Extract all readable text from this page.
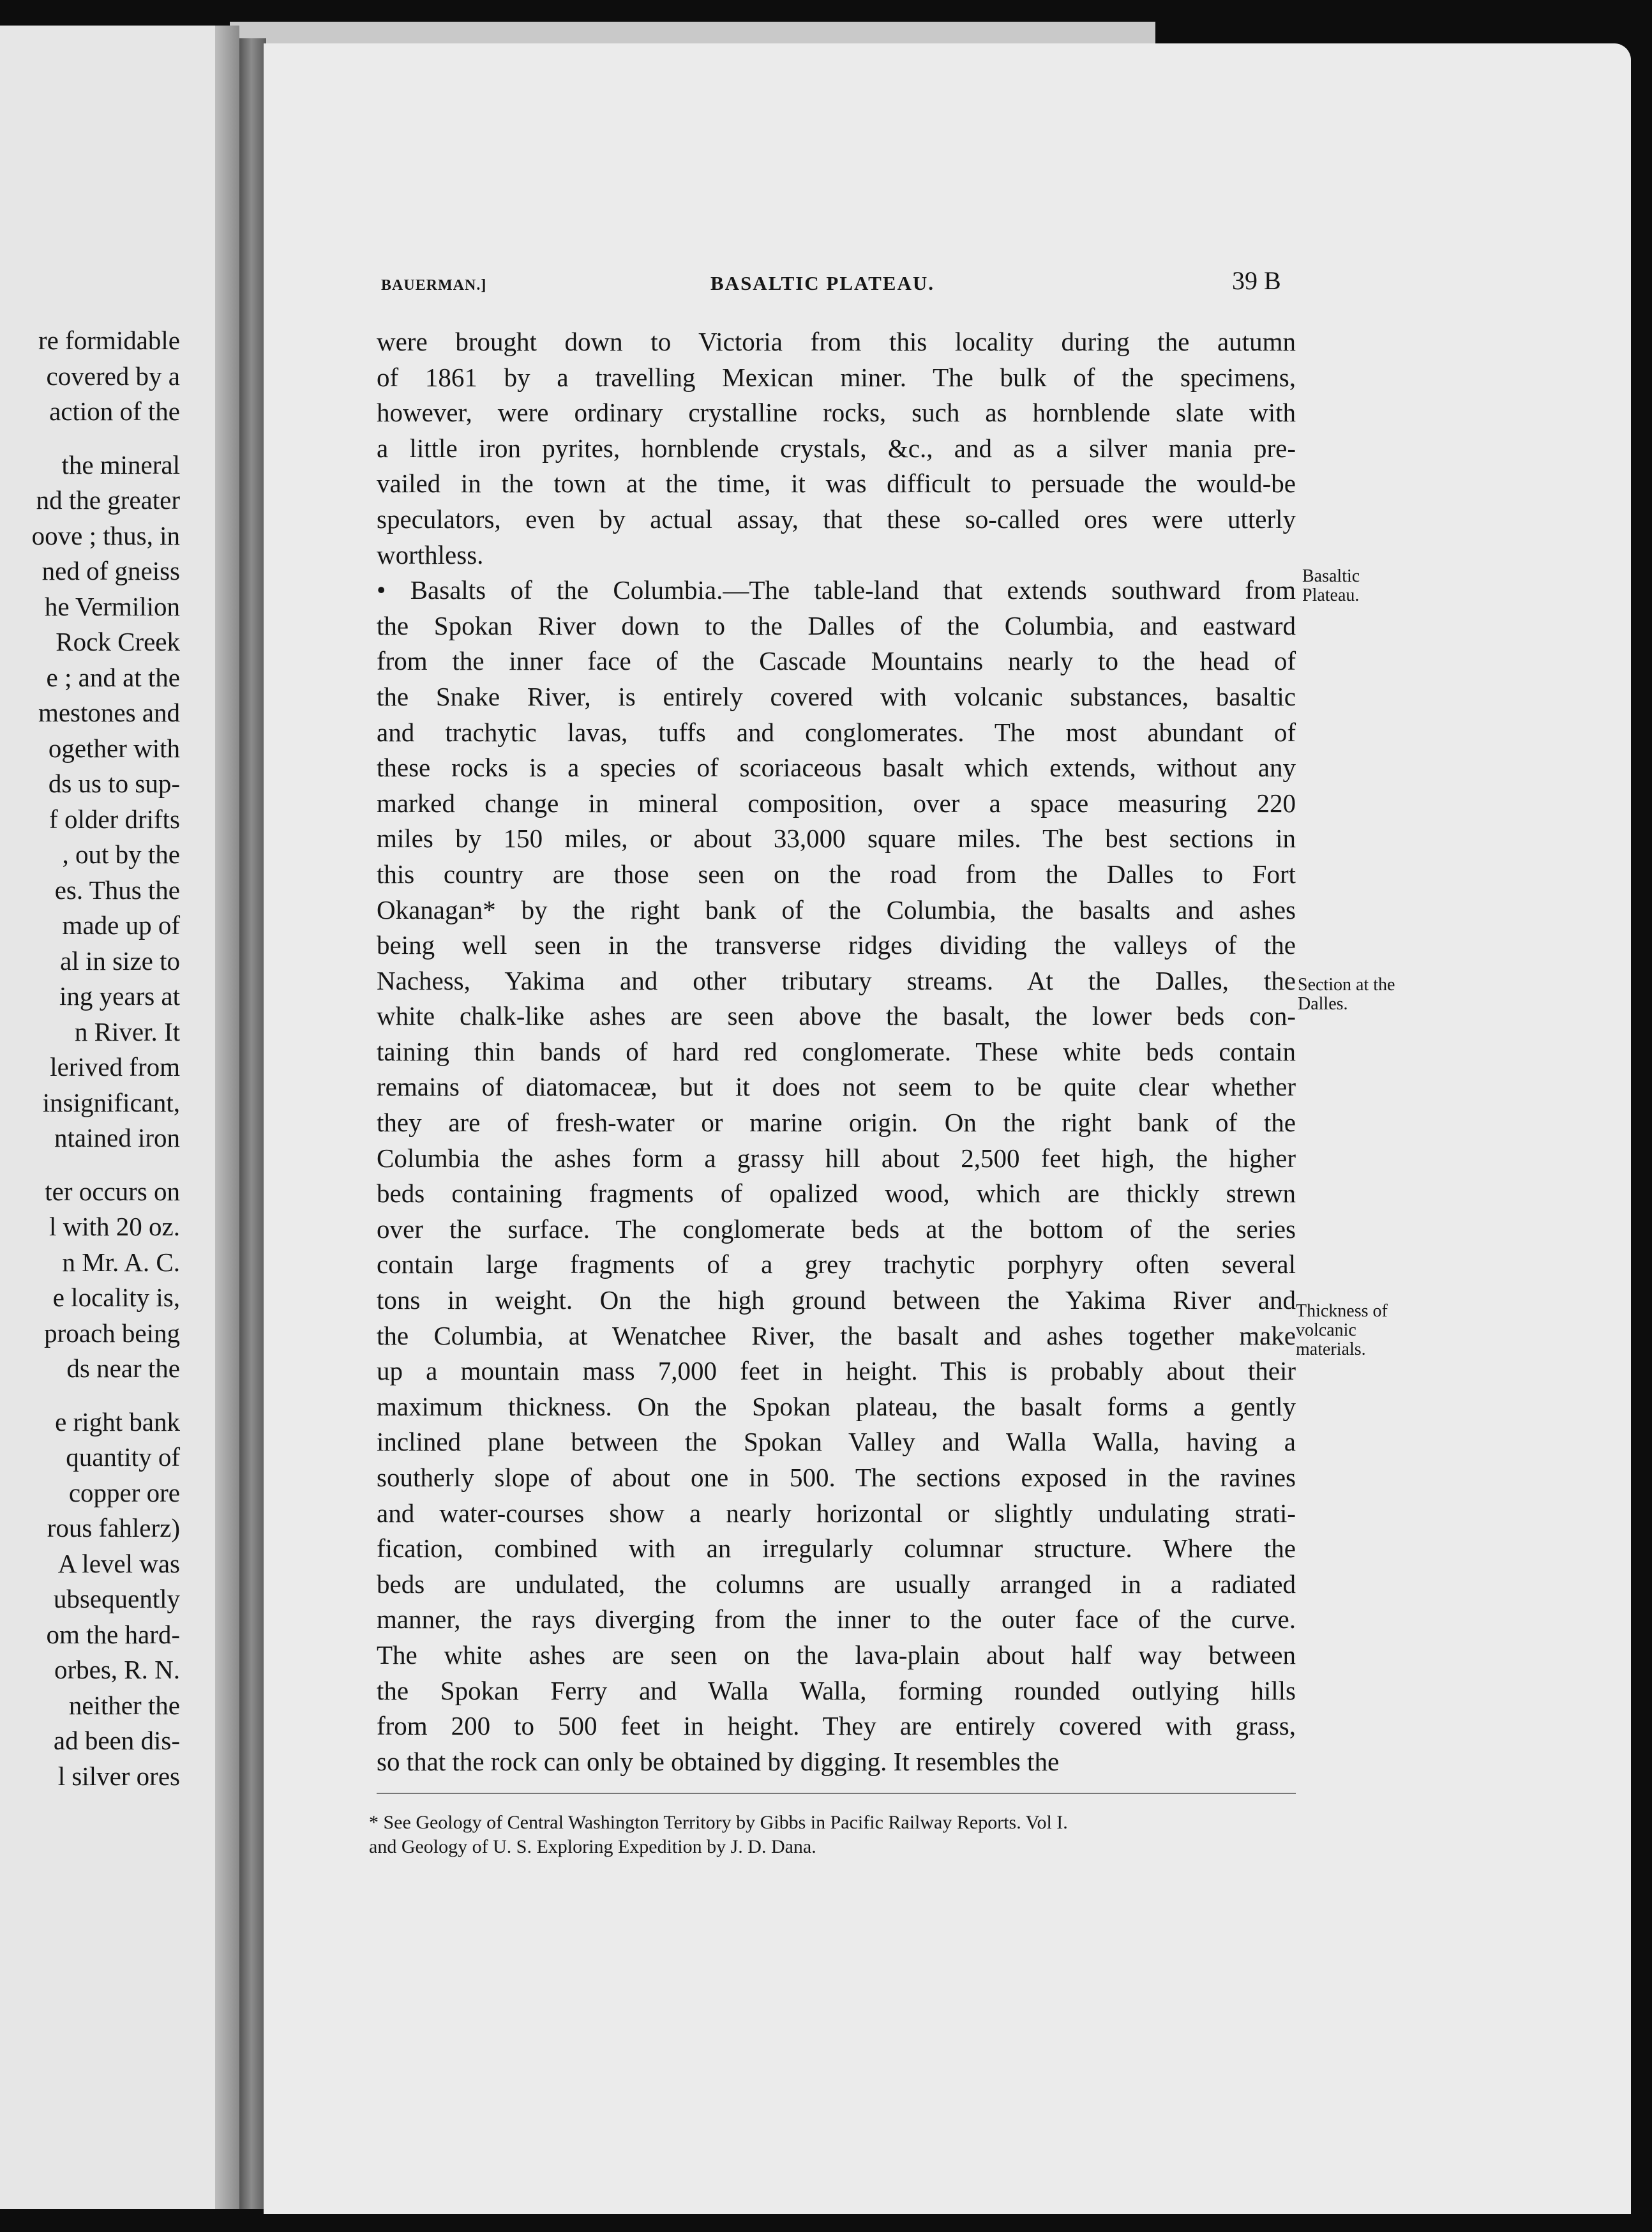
re formidable
covered by a
action of the
the mineral
nd the greater
oove ; thus, in
ned of gneiss
he Vermilion
Rock Creek
e ; and at the
mestones and
ogether with
ds us to sup-
f older drifts
, out by the
es. Thus the
made up of
al in size to
ing years at
n River. It
lerived from
insignificant,
ntained iron
ter occurs on
l with 20 oz.
n Mr. A. C.
e locality is,
proach being
ds near the
e right bank
quantity of
copper ore
rous fahlerz)
A level was
ubsequently
om the hard-
orbes, R. N.
neither the
ad been dis-
l silver ores
BAUERMAN.]	BASALTIC PLATEAU.	39 B
were brought down to Victoria from this locality during the autumn
of 1861 by a travelling Mexican miner. The bulk of the specimens,
however, were ordinary crystalline rocks, such as hornblende slate with
a little iron pyrites, hornblende crystals, &c., and as a silver mania pre-
vailed in the town at the time, it was difficult to persuade the would-be
speculators, even by actual assay, that these so-called ores were utterly
worthless.
• Basalts of the Columbia.—The table-land that extends southward from
the Spokan River down to the Dalles of the Columbia, and eastward
from the inner face of the Cascade Mountains nearly to the head of
the Snake River, is entirely covered with volcanic substances, basaltic
and trachytic lavas, tuffs and conglomerates. The most abundant of
these rocks is a species of scoriaceous basalt which extends, without any
marked change in mineral composition, over a space measuring 220
miles by 150 miles, or about 33,000 square miles. The best sections in
this country are those seen on the road from the Dalles to Fort
Okanagan* by the right bank of the Columbia, the basalts and ashes
being well seen in the transverse ridges dividing the valleys of the
Nachess, Yakima and other tributary streams. At the Dalles, the
white chalk-like ashes are seen above the basalt, the lower beds con-
taining thin bands of hard red conglomerate. These white beds contain
remains of diatomaceæ, but it does not seem to be quite clear whether
they are of fresh-water or marine origin. On the right bank of the
Columbia the ashes form a grassy hill about 2,500 feet high, the higher
beds containing fragments of opalized wood, which are thickly strewn
over the surface. The conglomerate beds at the bottom of the series
contain large fragments of a grey trachytic porphyry often several
tons in weight. On the high ground between the Yakima River and
the Columbia, at Wenatchee River, the basalt and ashes together make
up a mountain mass 7,000 feet in height. This is probably about their
maximum thickness. On the Spokan plateau, the basalt forms a gently
inclined plane between the Spokan Valley and Walla Walla, having a
southerly slope of about one in 500. The sections exposed in the ravines
and water-courses show a nearly horizontal or slightly undulating strati-
fication, combined with an irregularly columnar structure. Where the
beds are undulated, the columns are usually arranged in a radiated
manner, the rays diverging from the inner to the outer face of the curve.
The white ashes are seen on the lava-plain about half way between
the Spokan Ferry and Walla Walla, forming rounded outlying hills
from 200 to 500 feet in height. They are entirely covered with grass,
so that the rock can only be obtained by digging. It resembles the
Basaltic
Plateau.
Section at the
Dalles.
Thickness of
volcanic
materials.
* See Geology of Central Washington Territory by Gibbs in Pacific Railway Reports. Vol I.
and Geology of U. S. Exploring Expedition by J. D. Dana.
